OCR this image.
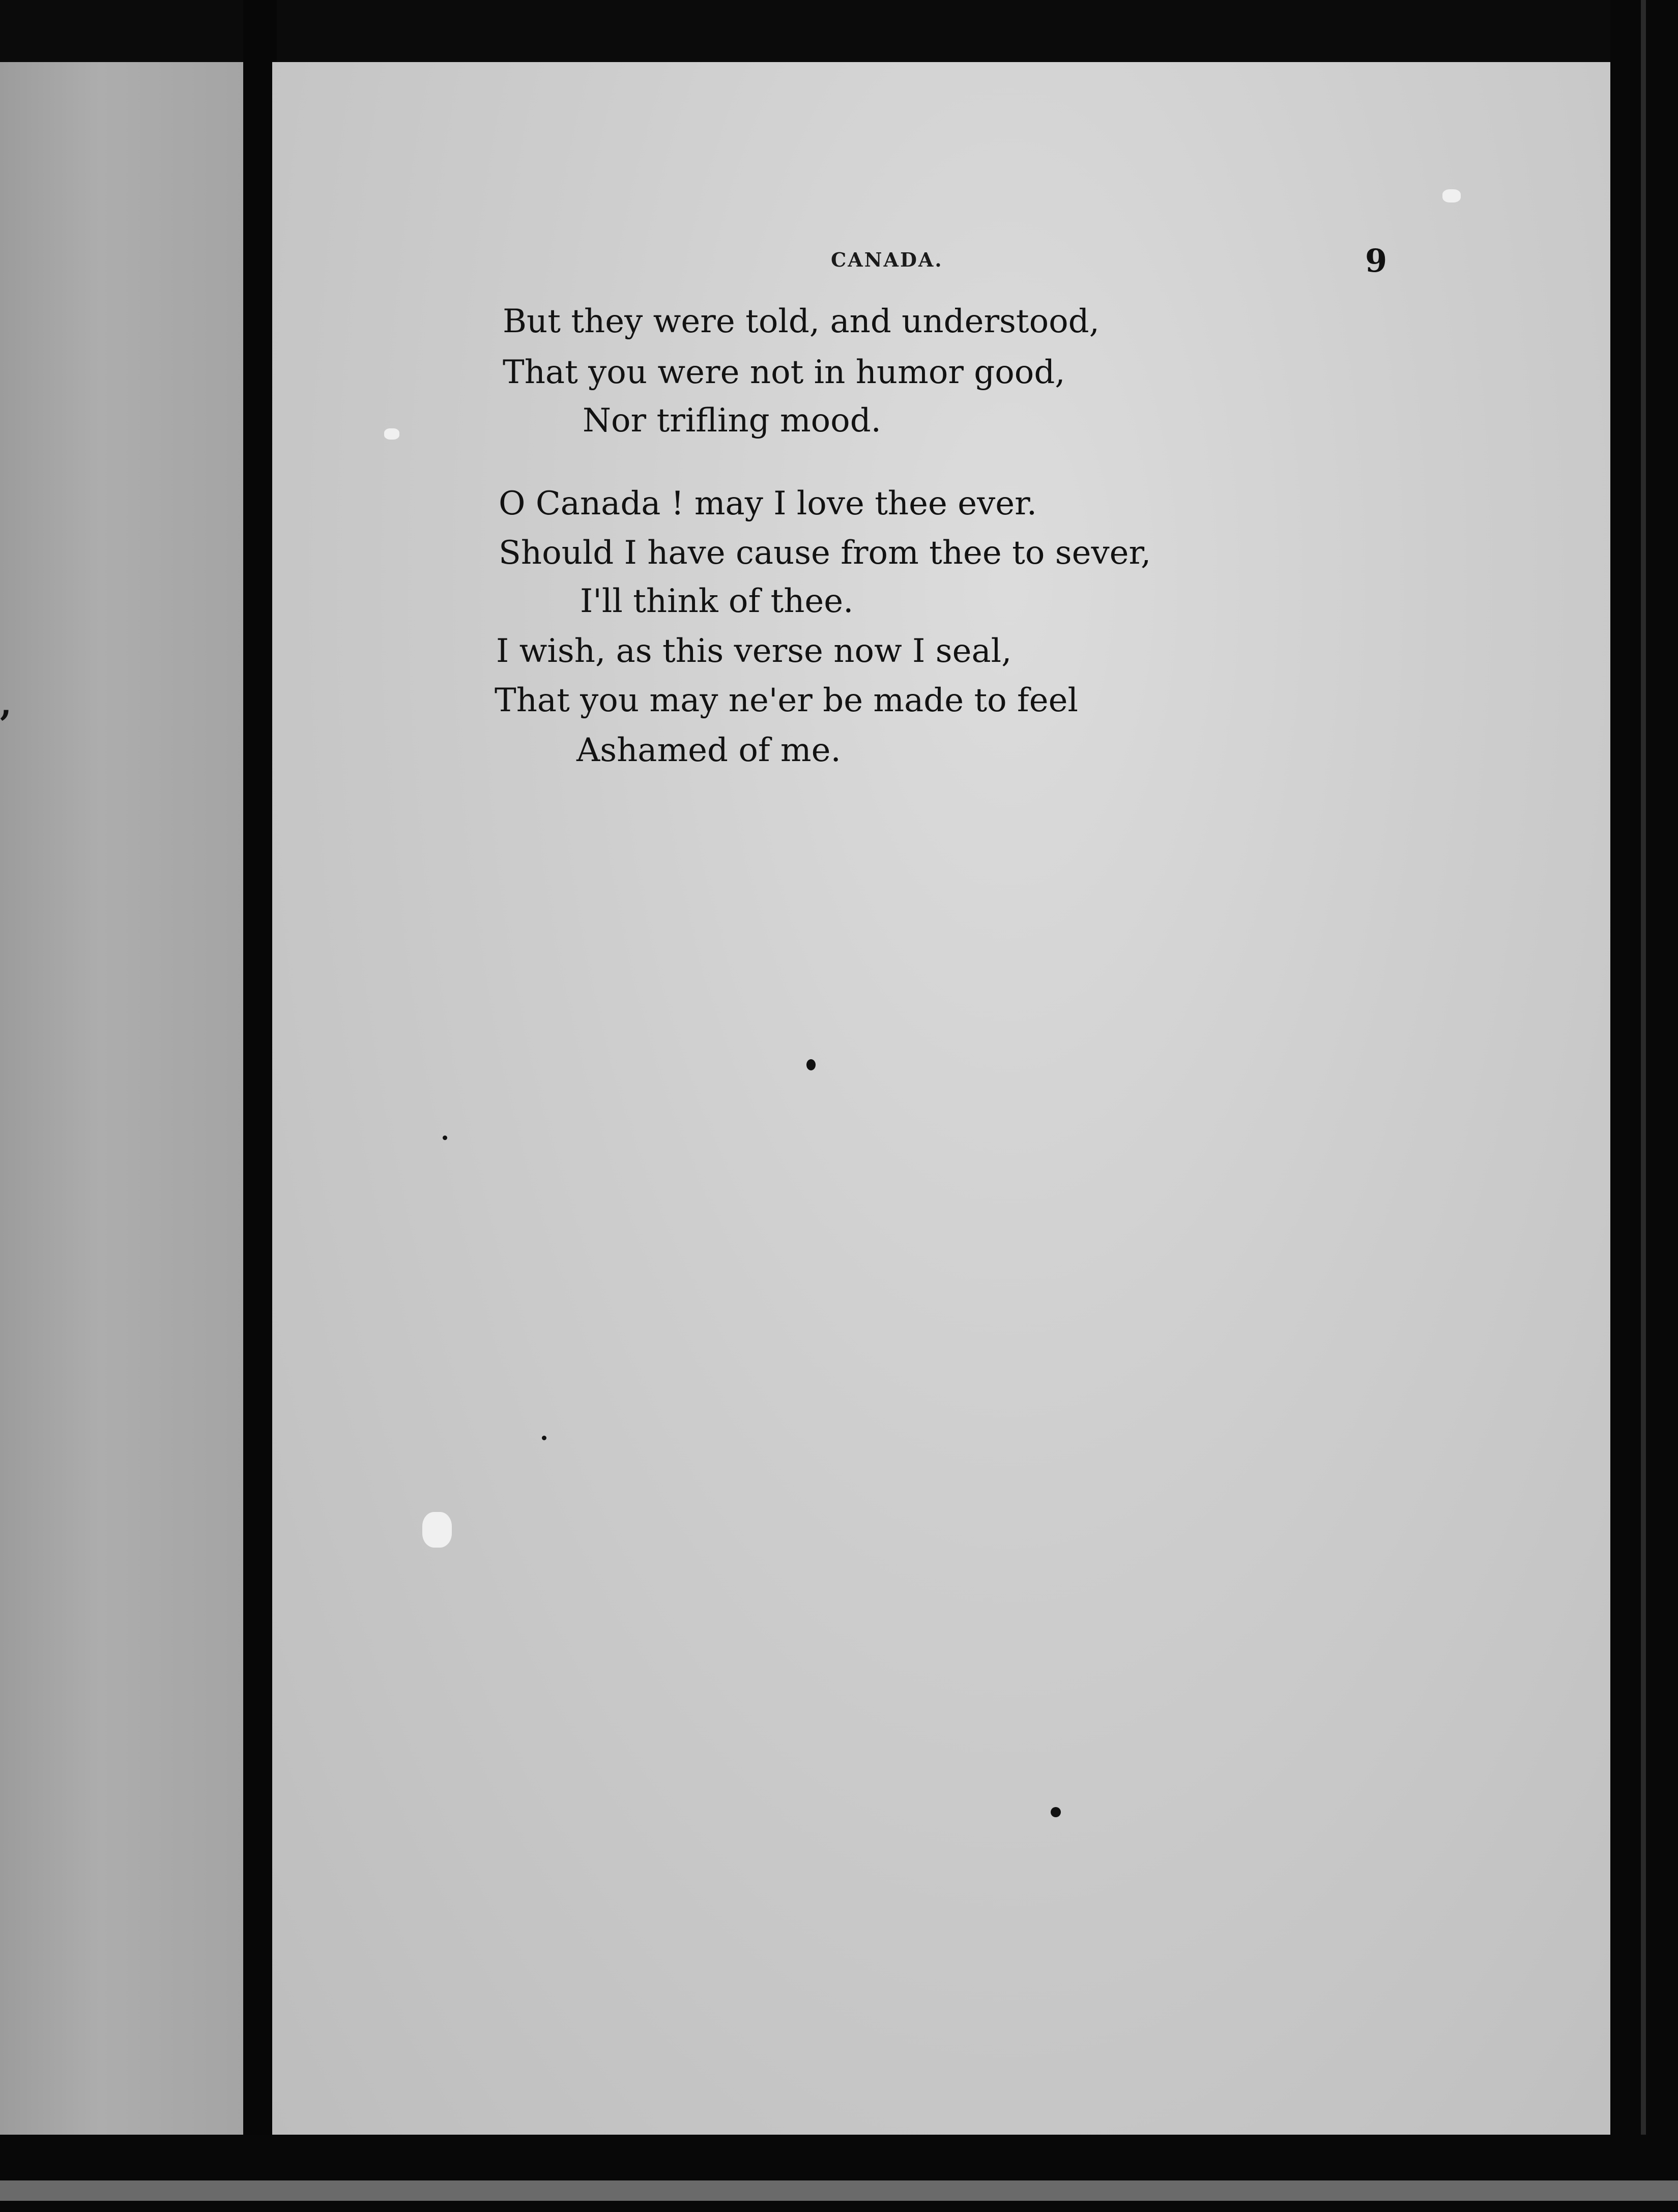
,
CANADA.	9
But they were told, and understood,
That you were not in humor good,
Nor trifling mood.
O Canada ! may I love thee ever.
Should I have cause from thee to sever,
I'll think of thee.
I wish, as this verse now I seal,
That you may ne'er be made to feel
Ashamed of me.
